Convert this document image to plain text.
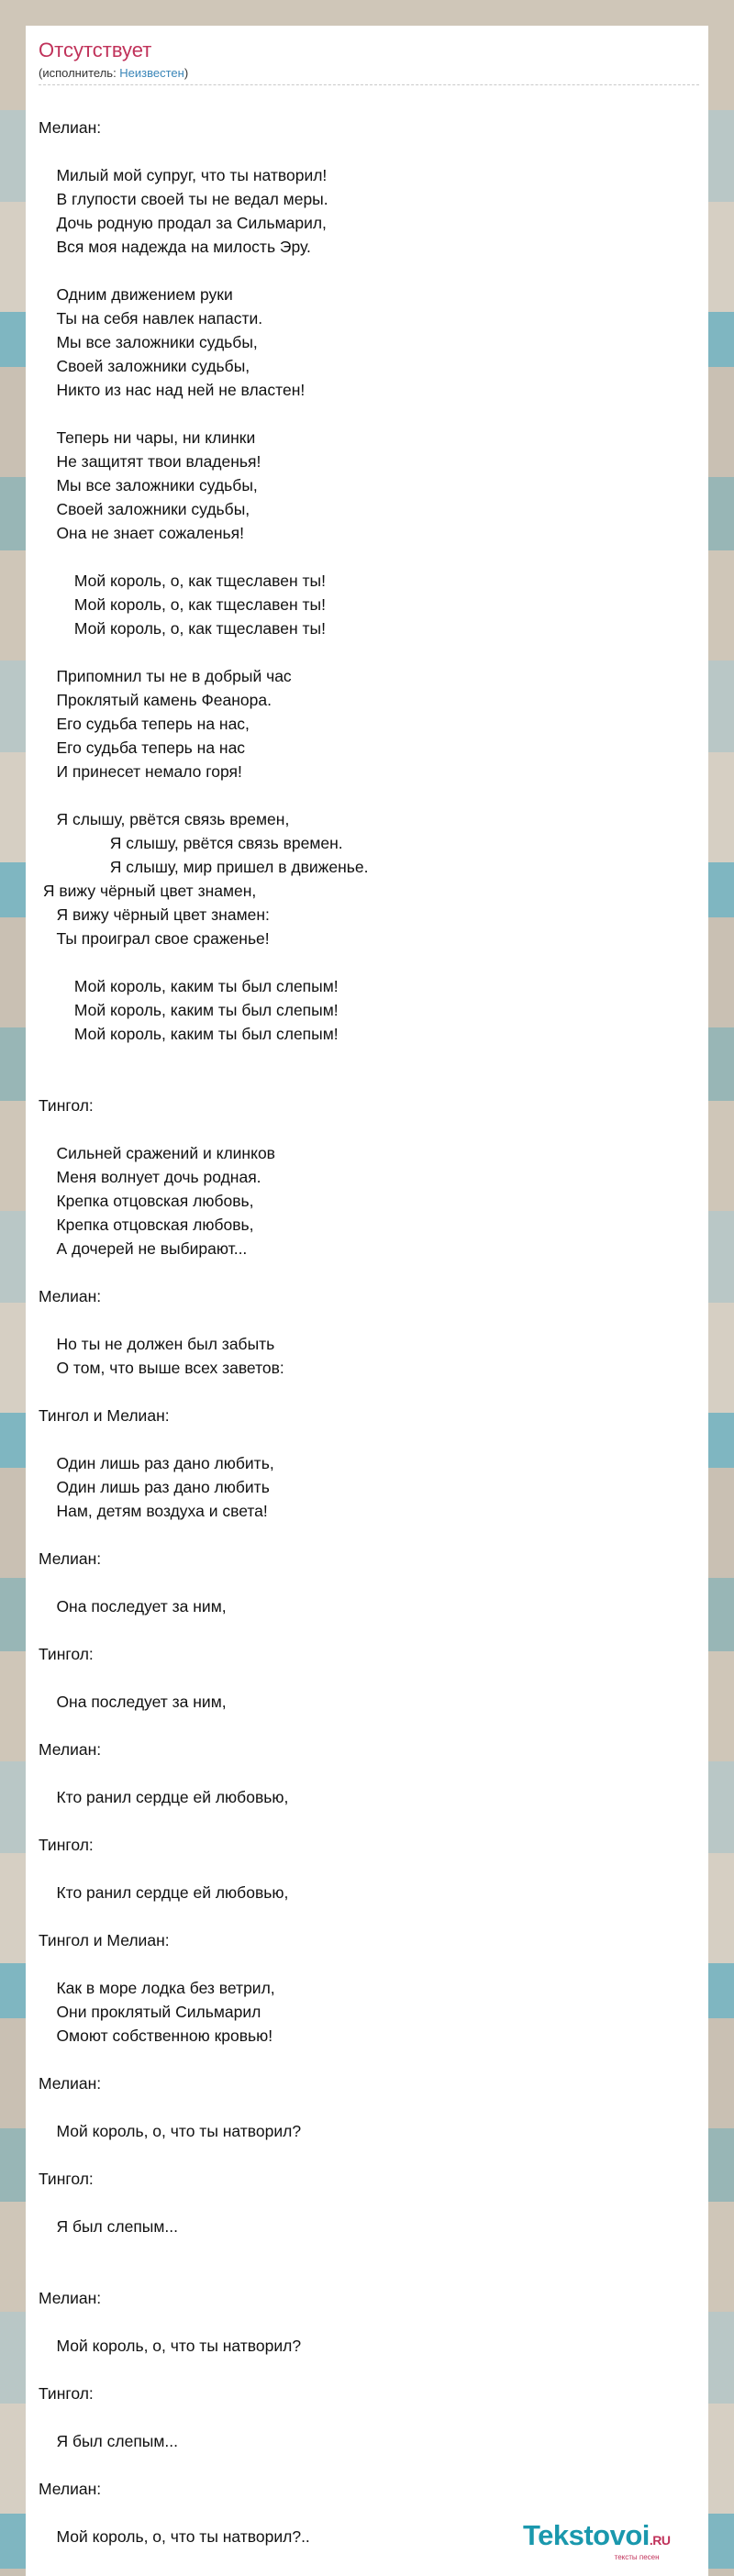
Отсутствует
(исполнитель: Неизвестен)
Мелиан:
Милый мой супруг, что ты натворил!
В глупости своей ты не ведал меры.
Дочь родную продал за Сильмарил,
Вся моя надежда на милость Эру.
Одним движением руки
Ты на себя навлек напасти.
Мы все заложники судьбы,
Своей заложники судьбы,
Никто из нас над ней не властен!
Теперь ни чары, ни клинки
Не защитят твои владенья!
Мы все заложники судьбы,
Своей заложники судьбы,
Она не знает сожаленья!
Мой король, о, как тщеславен ты!
Мой король, о, как тщеславен ты!
Мой король, о, как тщеславен ты!
Припомнил ты не в добрый час
Проклятый камень Феанора.
Его судьба теперь на нас,
Его судьба теперь на нас
И принесет немало горя!
Я слышу, рвётся связь времен,
Я слышу, рвётся связь времен.
Я слышу, мир пришел в движенье.
Я вижу чёрный цвет знамен,
Я вижу чёрный цвет знамен:
Ты проиграл свое сраженье!
Мой король, каким ты был слепым!
Мой король, каким ты был слепым!
Мой король, каким ты был слепым!
Тингол:
Сильней сражений и клинков
Меня волнует дочь родная.
Крепка отцовская любовь,
Крепка отцовская любовь,
А дочерей не выбирают...
Мелиан:
Но ты не должен был забыть
О том, что выше всех заветов:
Тингол и Мелиан:
Один лишь раз дано любить,
Один лишь раз дано любить
Нам, детям воздуха и света!
Мелиан:
Она последует за ним,
Тингол:
Она последует за ним,
Мелиан:
Кто ранил сердце ей любовью,
Тингол:
Кто ранил сердце ей любовью,
Тингол и Мелиан:
Как в море лодка без ветрил,
Они проклятый Сильмарил
Омоют собственною кровью!
Мелиан:
Мой король, о, что ты натворил?
Тингол:
Я был слепым...
Мелиан:
Мой король, о, что ты натворил?
Тингол:
Я был слепым...
Мелиан:
Мой король, о, что ты натворил?..	Tekstovoi.RU
тексты песен
